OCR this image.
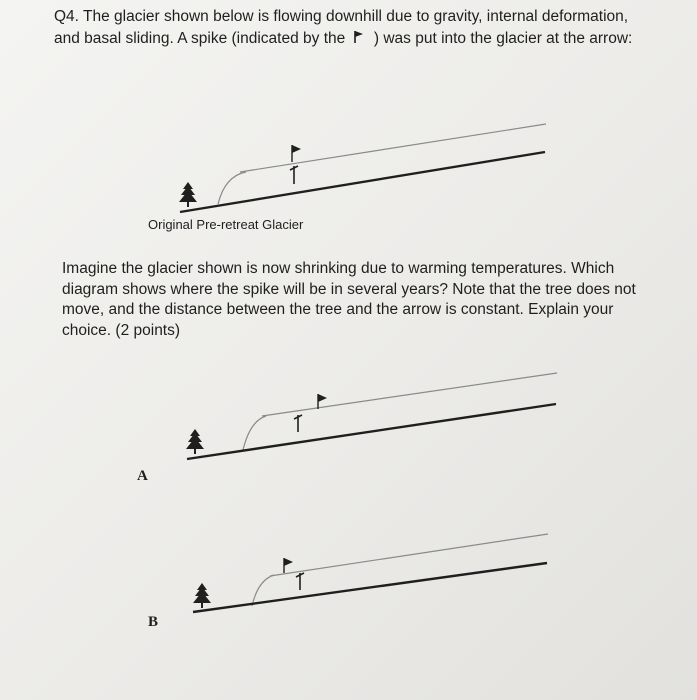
Q4. The glacier shown below is flowing downhill due to gravity, internal deformation, and basal sliding. A spike (indicated by the ) was put into the glacier at the arrow:

Original Pre-retreat Glacier

Imagine the glacier shown is now shrinking due to warming temperatures. Which diagram shows where the spike will be in several years? Note that the tree does not move, and the distance between the tree and the arrow is constant. Explain your choice. (2 points)

A
B
